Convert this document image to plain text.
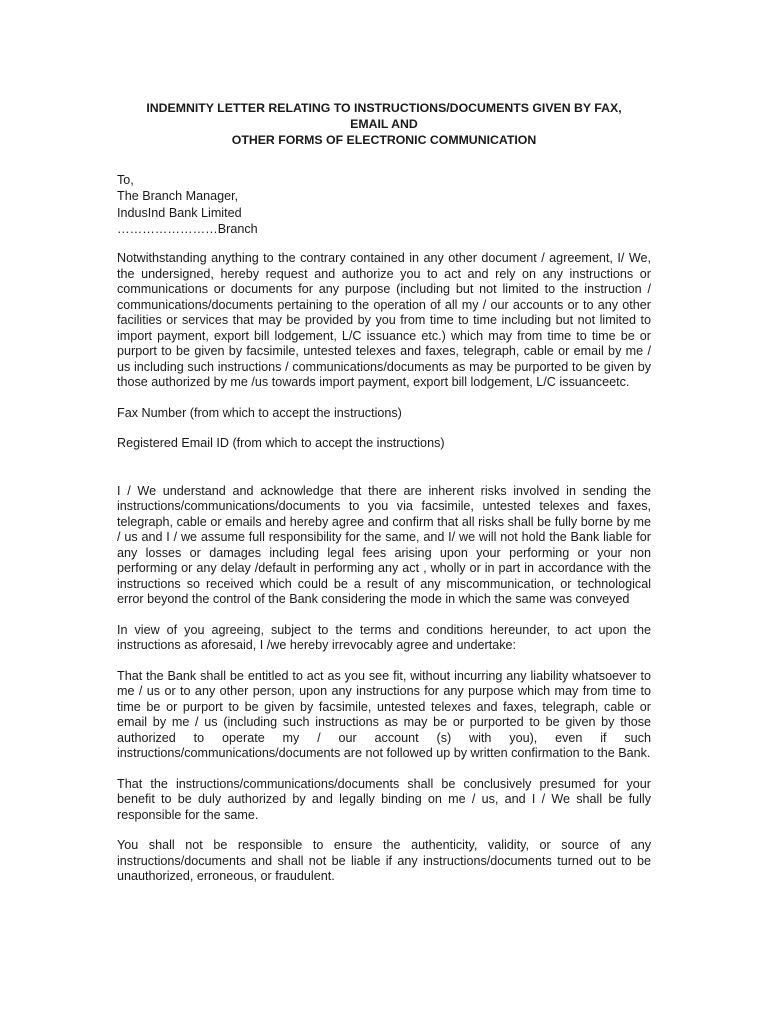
INDEMNITY LETTER RELATING TO INSTRUCTIONS/DOCUMENTS GIVEN BY FAX,
EMAIL AND
OTHER FORMS OF ELECTRONIC COMMUNICATION
To,
The Branch Manager,
IndusInd Bank Limited
……………………Branch

Notwithstanding anything to the contrary contained in any other document / agreement, I/ We, the undersigned, hereby request and authorize you to act and rely on any instructions or communications or documents for any purpose (including but not limited to the instruction / communications/documents pertaining to the operation of all my / our accounts or to any other facilities or services that may be provided by you from time to time including but not limited to import payment, export bill lodgement, L/C issuance etc.) which may from time to time be or purport to be given by facsimile, untested telexes and faxes, telegraph, cable or email by me / us including such instructions / communications/documents as may be purported to be given by those authorized by me /us towards import payment, export bill lodgement, L/C issuanceetc.

Fax Number (from which to accept the instructions)

Registered Email ID (from which to accept the instructions)

I / We understand and acknowledge that there are inherent risks involved in sending the instructions/communications/documents to you via facsimile, untested telexes and faxes, telegraph, cable or emails and hereby agree and confirm that all risks shall be fully borne by me / us and I / we assume full responsibility for the same, and I/ we will not hold the Bank liable for any losses or damages including legal fees arising upon your performing or your non performing or any delay /default in performing any act , wholly or in part in accordance with the instructions so received which could be a result of any miscommunication, or technological error beyond the control of the Bank considering the mode in which the same was conveyed

In view of you agreeing, subject to the terms and conditions hereunder, to act upon the instructions as aforesaid, I /we hereby irrevocably agree and undertake:

That the Bank shall be entitled to act as you see fit, without incurring any liability whatsoever to me / us or to any other person, upon any instructions for any purpose which may from time to time be or purport to be given by facsimile, untested telexes and faxes, telegraph, cable or email by me / us (including such instructions as may be or purported to be given by those authorized to operate my / our account (s) with you), even if such instructions/communications/documents are not followed up by written confirmation to the Bank.

That the instructions/communications/documents shall be conclusively presumed for your benefit to be duly authorized by and legally binding on me / us, and I / We shall be fully responsible for the same.

You shall not be responsible to ensure the authenticity, validity, or source of any instructions/documents and shall not be liable if any instructions/documents turned out to be unauthorized, erroneous, or fraudulent.
